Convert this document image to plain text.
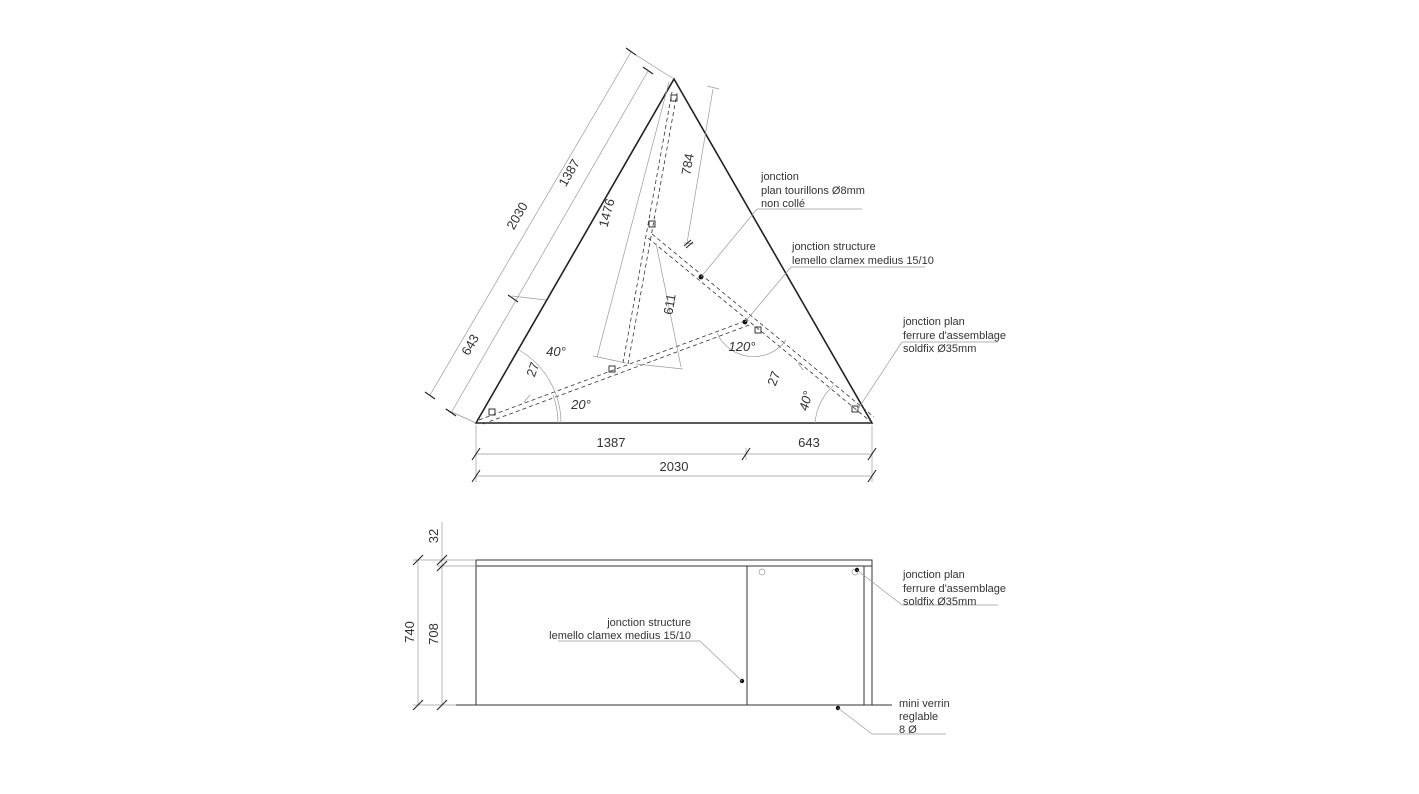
1387	643
2030
1387
2030
643
1476
784
611
27	27
40°
20°
120°
40°
jonction
plan tourillons Ø8mm
non collé
jonction structure
lemello clamex medius 15/10
jonction plan
ferrure d'assemblage
soldfix Ø35mm
32
740 708
jonction plan
ferrure d'assemblage
soldfix Ø35mm
jonction structure
lemello clamex medius 15/10
mini verrin
reglable
8 Ø
